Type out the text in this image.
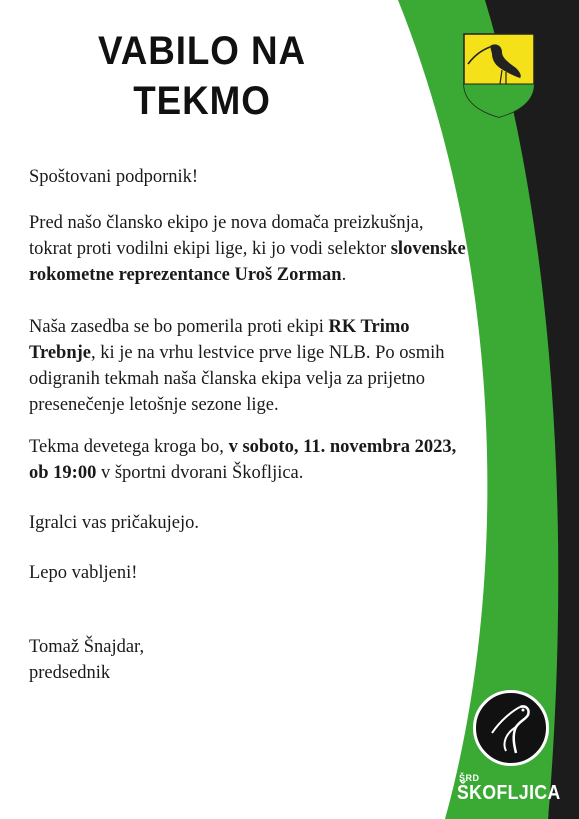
VABILO NA
TEKMO

Spoštovani podpornik!

Pred našo člansko ekipo je nova domača preizkušnja, tokrat proti vodilni ekipi lige, ki jo vodi selektor slovenske rokometne reprezentance Uroš Zorman.

Naša zasedba se bo pomerila proti ekipi RK Trimo Trebnje, ki je na vrhu lestvice prve lige NLB. Po osmih odigranih tekmah naša članska ekipa velja za prijetno presenečenje letošnje sezone lige.

Tekma devetega kroga bo, v soboto, 11. novembra 2023, ob 19:00 v športni dvorani Škofljica.

Igralci vas pričakujejo.

Lepo vabljeni!

Tomaž Šnajdar,

predsednik

ŠRD
ŠKOFLJICA
